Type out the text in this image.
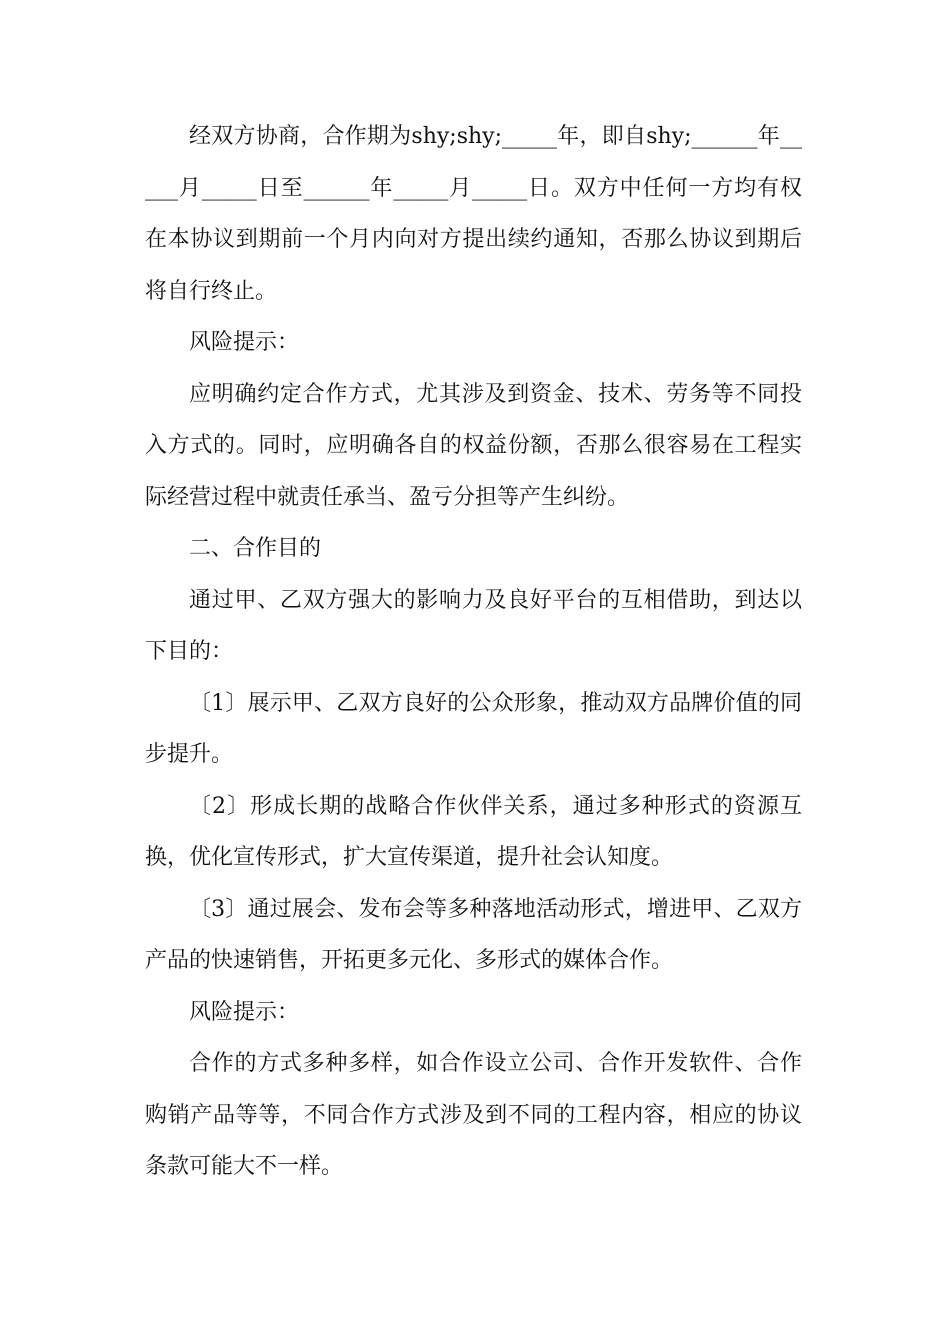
经双方协商，合作期为shy;shy;_____年，即自shy;______年_____月_____日至______年_____月_____日。双方中任何一方均有权在本协议到期前一个月内向对方提出续约通知，否那么协议到期后将自行终止。

风险提示：

应明确约定合作方式，尤其涉及到资金、技术、劳务等不同投入方式的。同时，应明确各自的权益份额，否那么很容易在工程实际经营过程中就责任承当、盈亏分担等产生纠纷。

二、合作目的

通过甲、乙双方强大的影响力及良好平台的互相借助，到达以下目的：

〔1〕展示甲、乙双方良好的公众形象，推动双方品牌价值的同步提升。

〔2〕形成长期的战略合作伙伴关系，通过多种形式的资源互换，优化宣传形式，扩大宣传渠道，提升社会认知度。

〔3〕通过展会、发布会等多种落地活动形式，增进甲、乙双方产品的快速销售，开拓更多元化、多形式的媒体合作。

风险提示：

合作的方式多种多样，如合作设立公司、合作开发软件、合作购销产品等等，不同合作方式涉及到不同的工程内容，相应的协议条款可能大不一样。
